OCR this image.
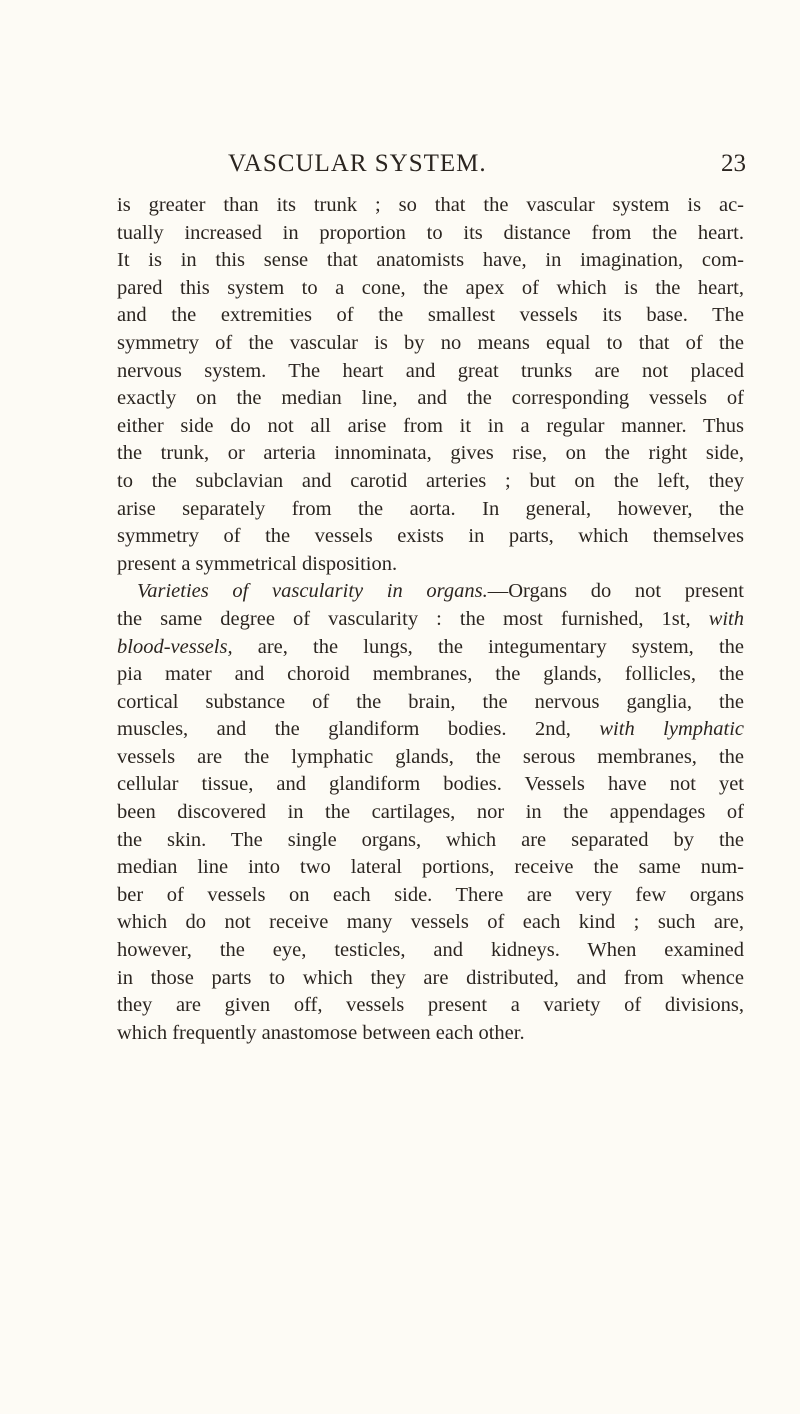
VASCULAR SYSTEM.	23

is greater than its trunk ; so that the vascular system is ac-
tually increased in proportion to its distance from the heart.
It is in this sense that anatomists have, in imagination, com-
pared this system to a cone, the apex of which is the heart,
and the extremities of the smallest vessels its base. The
symmetry of the vascular is by no means equal to that of the
nervous system. The heart and great trunks are not placed
exactly on the median line, and the corresponding vessels of
either side do not all arise from it in a regular manner. Thus
the trunk, or arteria innominata, gives rise, on the right side,
to the subclavian and carotid arteries ; but on the left, they
arise separately from the aorta. In general, however, the
symmetry of the vessels exists in parts, which themselves
present a symmetrical disposition.

Varieties of vascularity in organs.—Organs do not present
the same degree of vascularity : the most furnished, 1st, with
blood-vessels, are, the lungs, the integumentary system, the
pia mater and choroid membranes, the glands, follicles, the
cortical substance of the brain, the nervous ganglia, the
muscles, and the glandiform bodies. 2nd, with lymphatic
vessels are the lymphatic glands, the serous membranes, the
cellular tissue, and glandiform bodies. Vessels have not yet
been discovered in the cartilages, nor in the appendages of
the skin. The single organs, which are separated by the
median line into two lateral portions, receive the same num-
ber of vessels on each side. There are very few organs
which do not receive many vessels of each kind ; such are,
however, the eye, testicles, and kidneys. When examined
in those parts to which they are distributed, and from whence
they are given off, vessels present a variety of divisions,
which frequently anastomose between each other.
